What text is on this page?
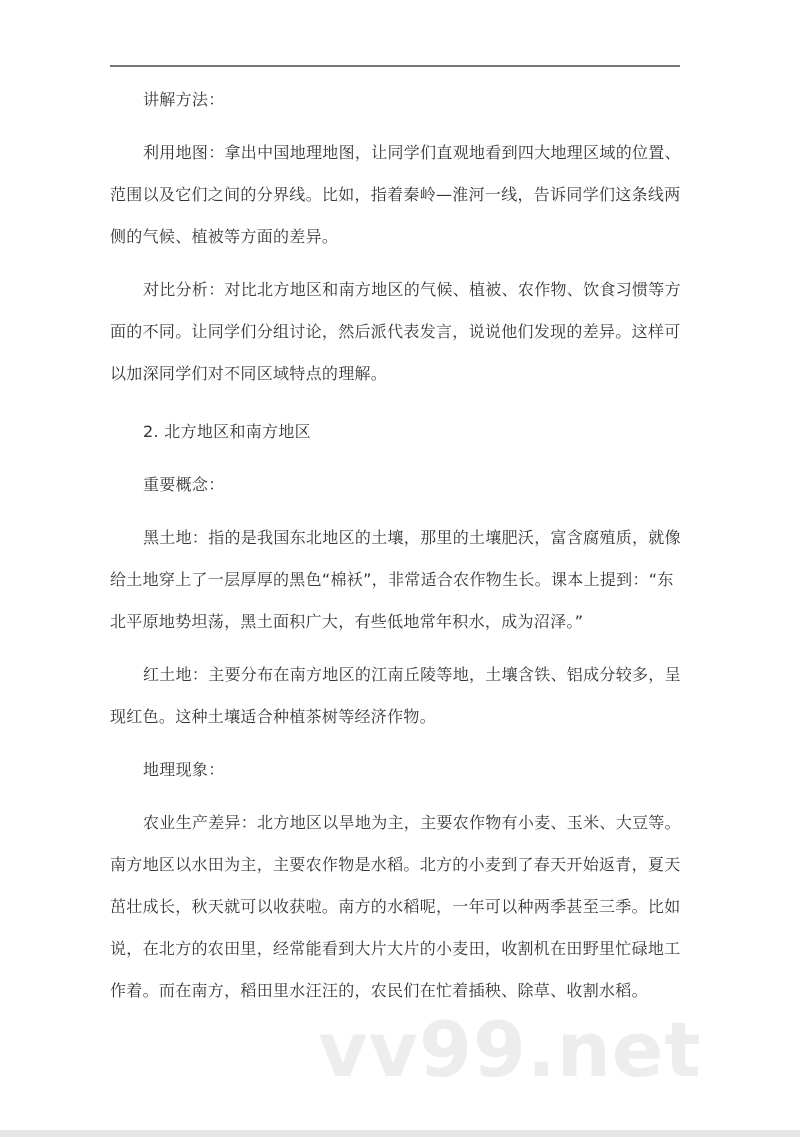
讲解方法：
利用地图：拿出中国地理地图，让同学们直观地看到四大地理区域的位置、
范围以及它们之间的分界线。比如，指着秦岭—淮河一线，告诉同学们这条线两
侧的气候、植被等方面的差异。
对比分析：对比北方地区和南方地区的气候、植被、农作物、饮食习惯等方
面的不同。让同学们分组讨论，然后派代表发言，说说他们发现的差异。这样可
以加深同学们对不同区域特点的理解。
2. 北方地区和南方地区
重要概念：
黑土地：指的是我国东北地区的土壤，那里的土壤肥沃，富含腐殖质，就像
给土地穿上了一层厚厚的黑色“棉袄”，非常适合农作物生长。课本上提到：“东
北平原地势坦荡，黑土面积广大，有些低地常年积水，成为沼泽。”
红土地：主要分布在南方地区的江南丘陵等地，土壤含铁、铝成分较多，呈
现红色。这种土壤适合种植茶树等经济作物。
地理现象：
农业生产差异：北方地区以旱地为主，主要农作物有小麦、玉米、大豆等。
南方地区以水田为主，主要农作物是水稻。北方的小麦到了春天开始返青，夏天
茁壮成长，秋天就可以收获啦。南方的水稻呢，一年可以种两季甚至三季。比如
说，在北方的农田里，经常能看到大片大片的小麦田，收割机在田野里忙碌地工
作着。而在南方，稻田里水汪汪的，农民们在忙着插秧、除草、收割水稻。
vv99.net
